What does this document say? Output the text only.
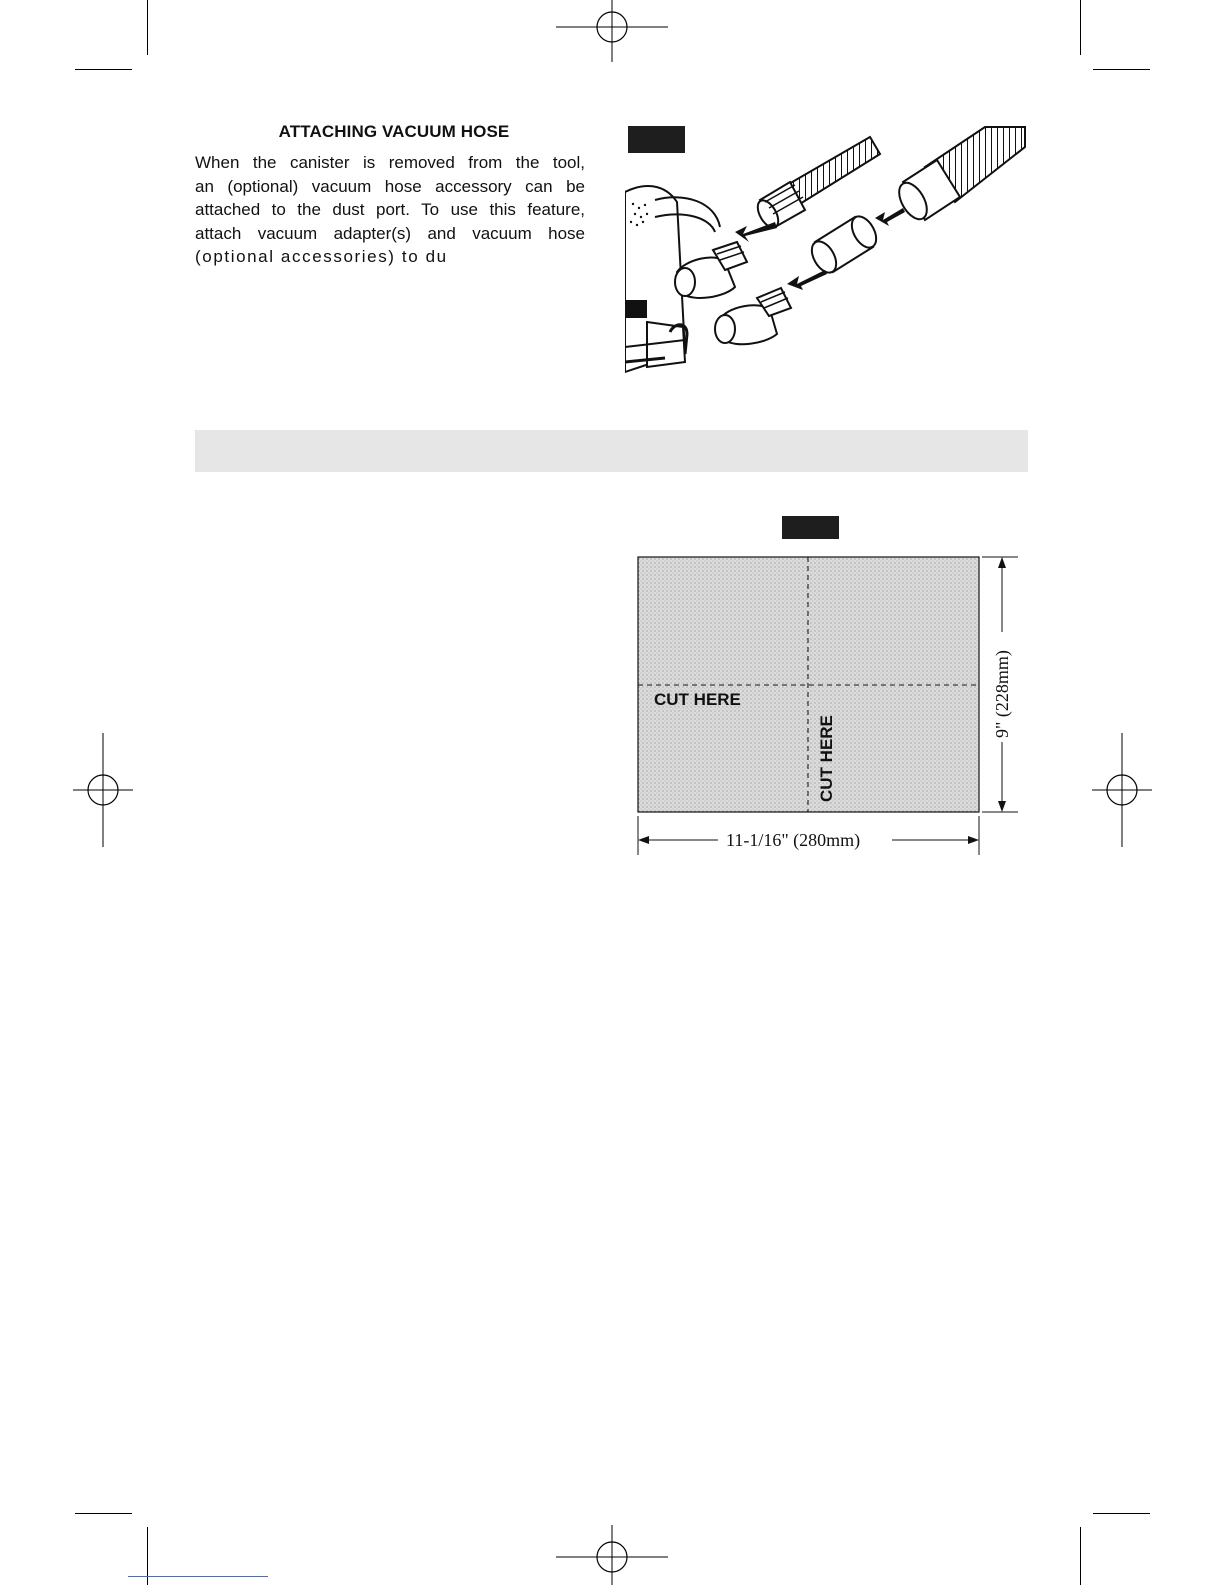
ATTACHING VACUUM HOSE
When the canister is removed from the tool,
an (optional) vacuum hose accessory can be
attached to the dust port. To use this feature,
attach vacuum adapter(s) and vacuum hose
(optional accessories) to du
CUT HERE
CUT HERE
9" (228mm)
11-1/16" (280mm)
